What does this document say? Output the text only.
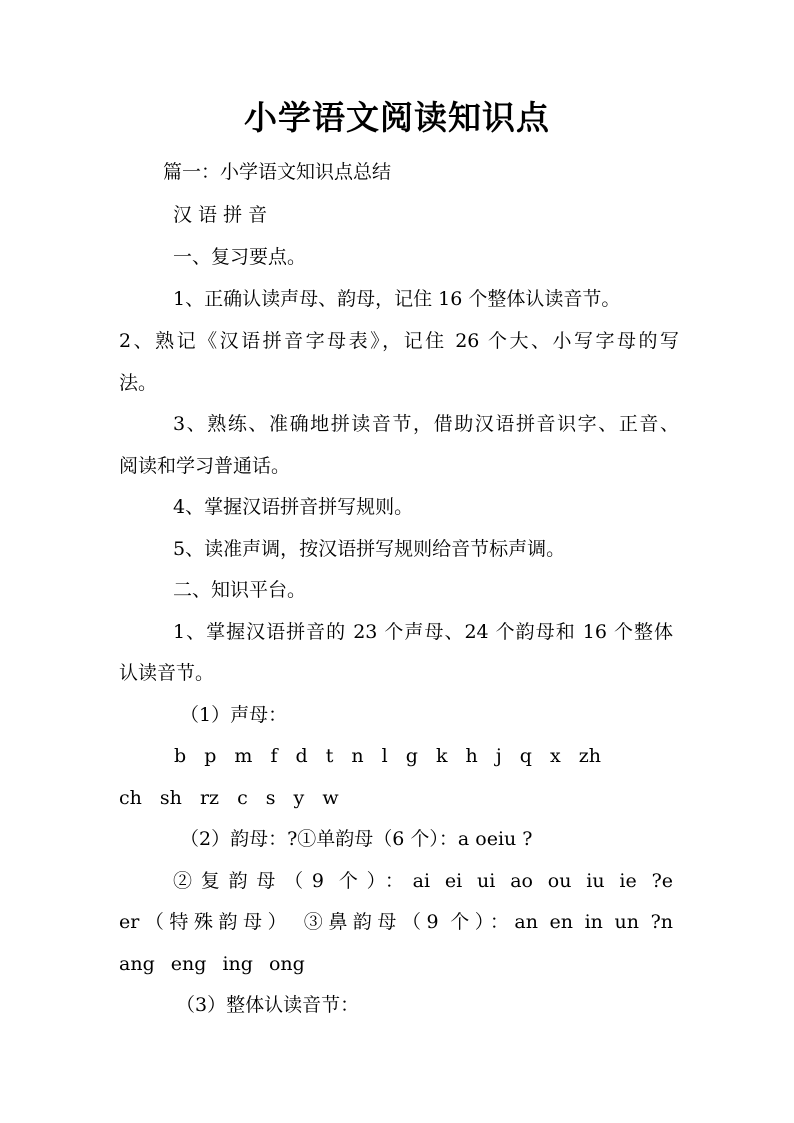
小学语文阅读知识点
篇一：小学语文知识点总结
汉 语 拼 音
一、复习要点。
1、正确认读声母、韵母，记住 16 个整体认读音节。
2、熟记《汉语拼音字母表》，记住 26 个大、小写字母的写
法。
3、熟练、准确地拼读音节，借助汉语拼音识字、正音、
阅读和学习普通话。
4、掌握汉语拼音拼写规则。
5、读准声调，按汉语拼写规则给音节标声调。
二、知识平台。
1、掌握汉语拼音的 23 个声母、24 个韵母和 16 个整体
认读音节。
（1）声母：
b p m f d t n l g k h j q x zh
ch sh rz c s y w
（2）韵母：?①单韵母（6 个）：a oeiu ?
②复韵母（9 个）：ai ei ui ao ou iu ie ?e
er（特殊韵母） ③鼻韵母（9 个）：an en in un ?n
ang eng ing ong
（3）整体认读音节：
